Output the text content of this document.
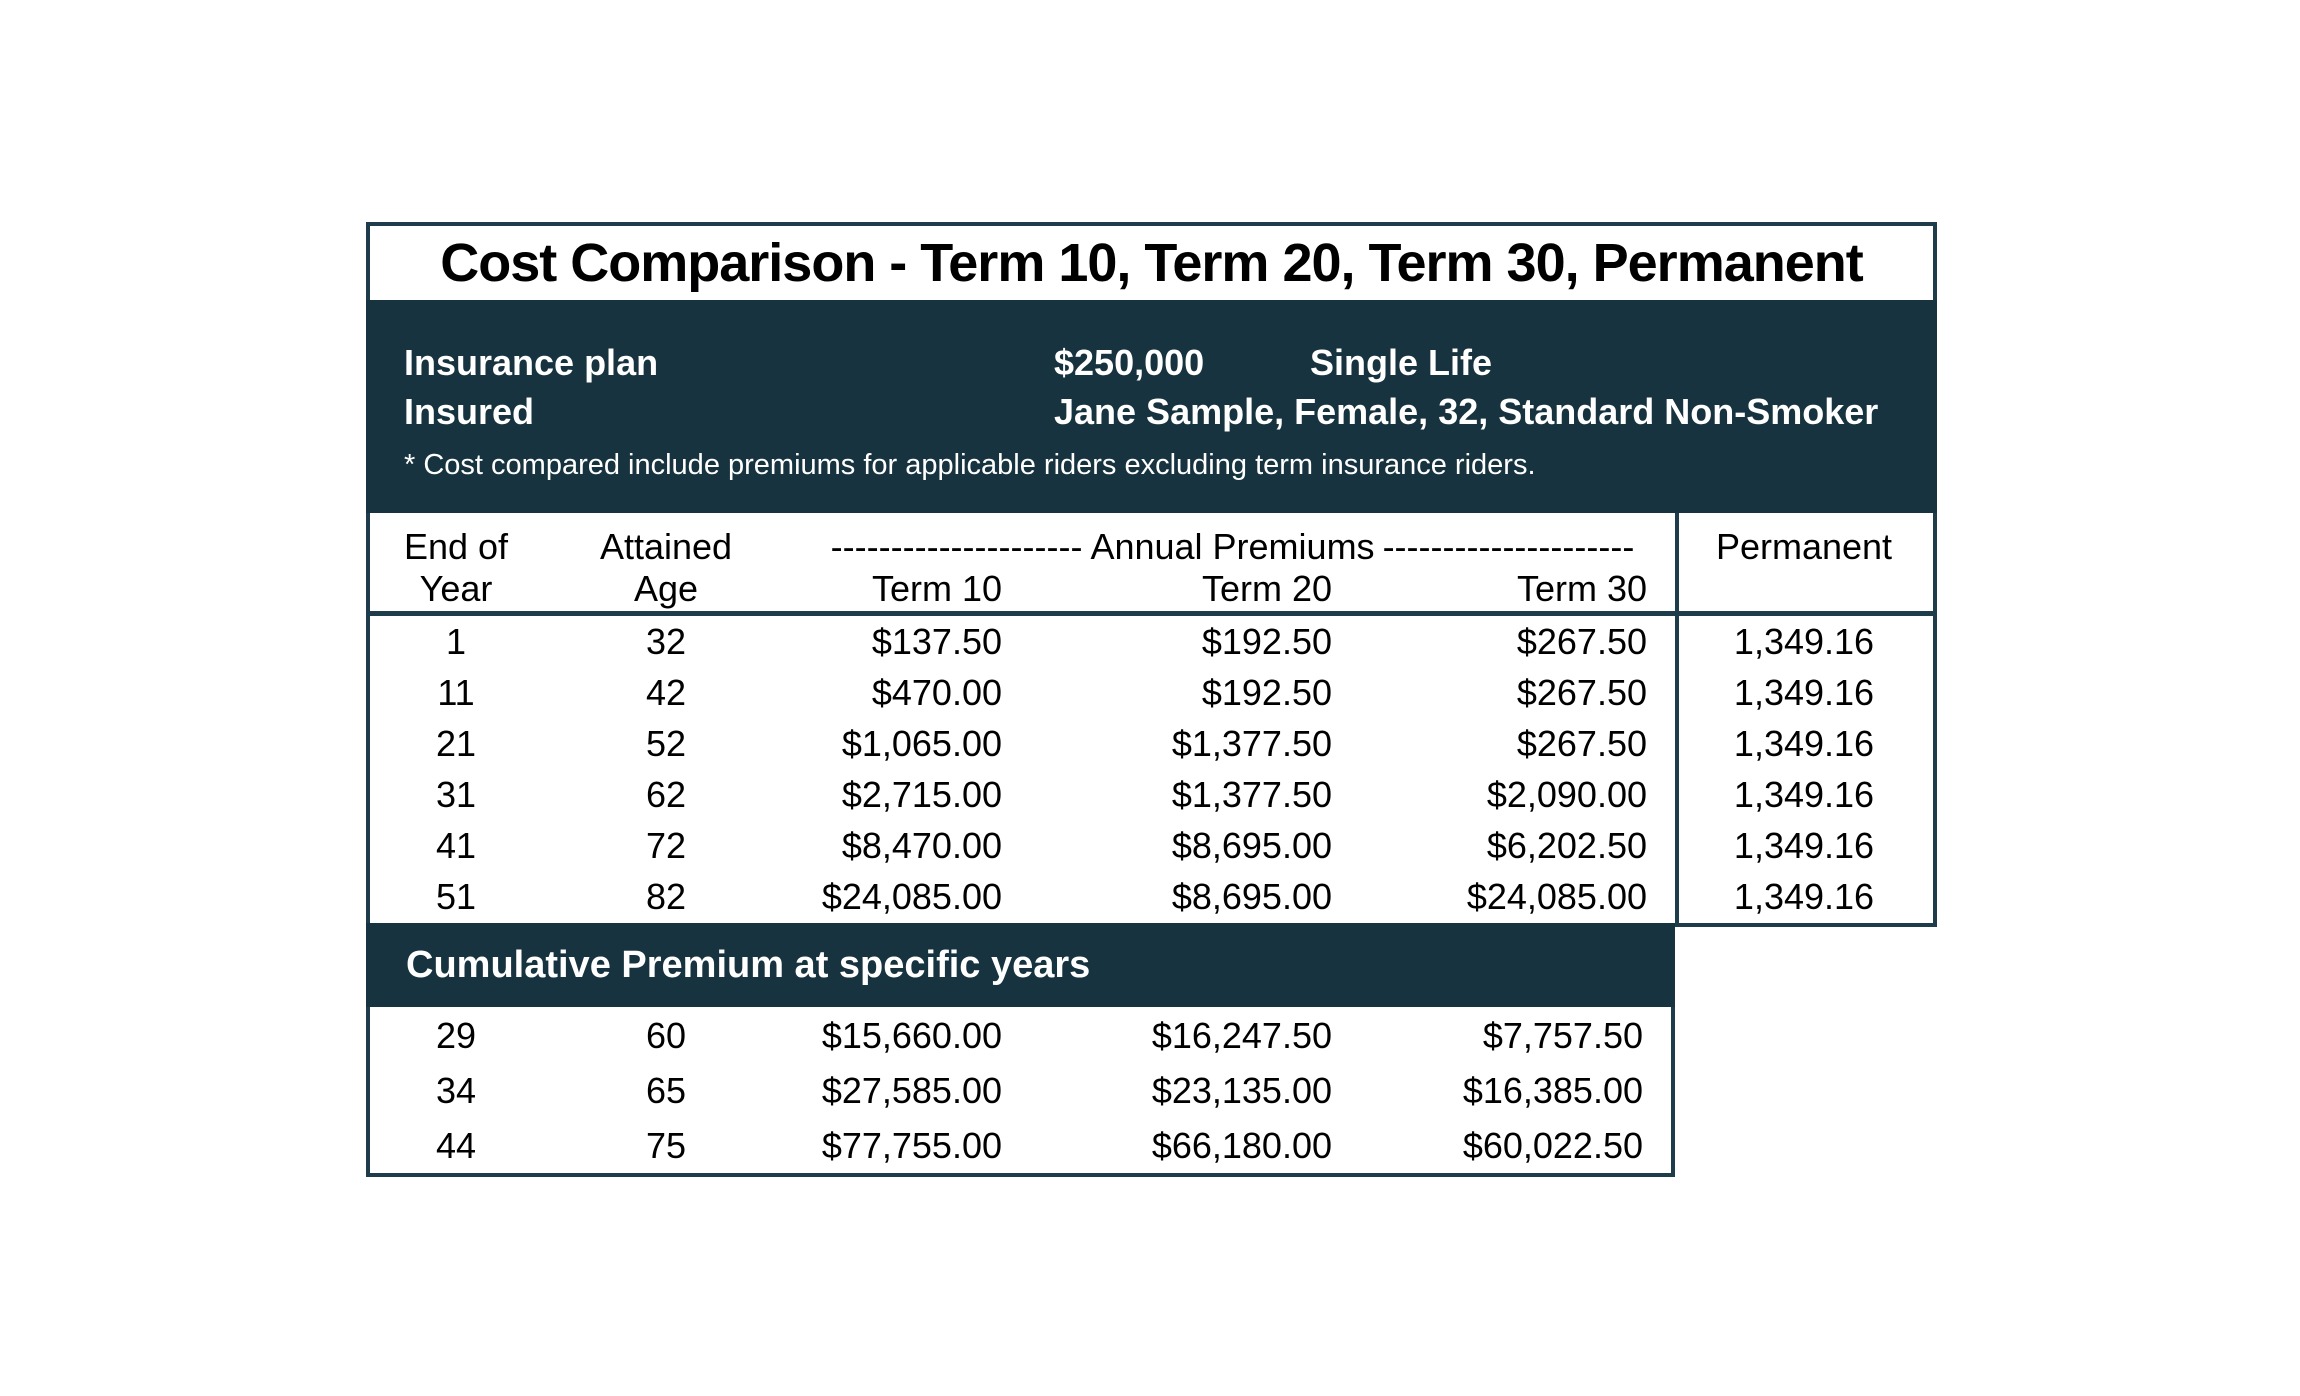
Cost Comparison - Term 10, Term 20, Term 30, Permanent
Insurance plan	$250,000	Single Life
Insured	Jane Sample, Female, 32, Standard Non-Smoker
* Cost compared include premiums for applicable riders excluding term insurance riders.
End of	Attained	--------------------- Annual Premiums ---------------------	Permanent
Year	Age	Term 10	Term 20	Term 30
1	32	$137.50	$192.50	$267.50	1,349.16
11	42	$470.00	$192.50	$267.50	1,349.16
21	52	$1,065.00	$1,377.50	$267.50	1,349.16
31	62	$2,715.00	$1,377.50	$2,090.00	1,349.16
41	72	$8,470.00	$8,695.00	$6,202.50	1,349.16
51	82	$24,085.00	$8,695.00	$24,085.00	1,349.16
Cumulative Premium at specific years
29	60	$15,660.00	$16,247.50	$7,757.50
34	65	$27,585.00	$23,135.00	$16,385.00
44	75	$77,755.00	$66,180.00	$60,022.50
